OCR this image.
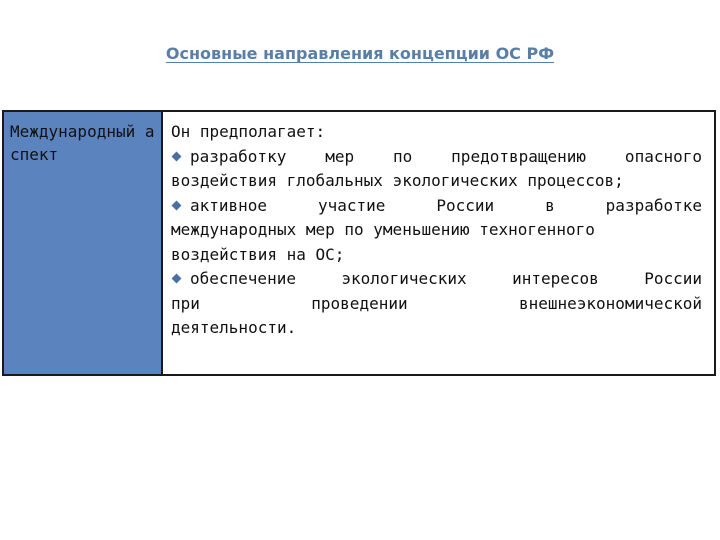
Основные направления концепции ОС РФ
Международный аспект
Он предполагает:
разработку мер по предотвращению опасного
воздействия глобальных экологических процессов;
активное участие России в разработке
международных мер по уменьшению техногенного
воздействия на ОС;
обеспечение экологических интересов России
при проведении внешнеэкономической
деятельности.
